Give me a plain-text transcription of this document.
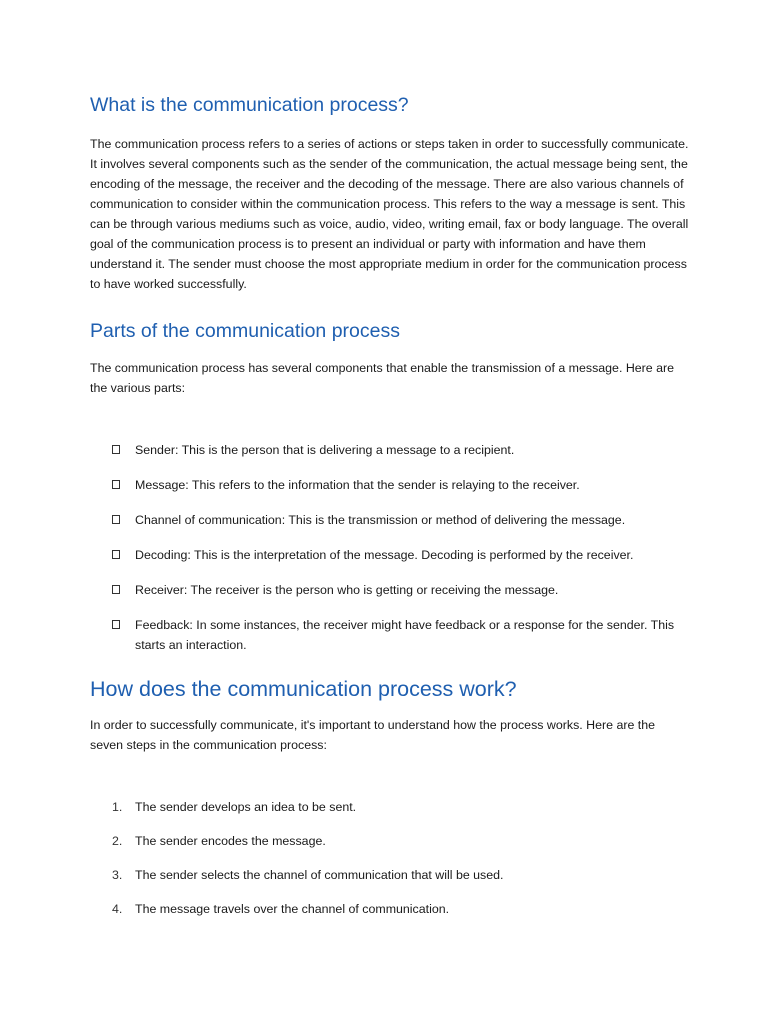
What is the communication process?

The communication process refers to a series of actions or steps taken in order to successfully communicate. It involves several components such as the sender of the communication, the actual message being sent, the encoding of the message, the receiver and the decoding of the message. There are also various channels of communication to consider within the communication process. This refers to the way a message is sent. This can be through various mediums such as voice, audio, video, writing email, fax or body language. The overall goal of the communication process is to present an individual or party with information and have them understand it. The sender must choose the most appropriate medium in order for the communication process to have worked successfully.

Parts of the communication process

The communication process has several components that enable the transmission of a message. Here are the various parts:

Sender: This is the person that is delivering a message to a recipient.
Message: This refers to the information that the sender is relaying to the receiver.
Channel of communication: This is the transmission or method of delivering the message.
Decoding: This is the interpretation of the message. Decoding is performed by the receiver.
Receiver: The receiver is the person who is getting or receiving the message.
Feedback: In some instances, the receiver might have feedback or a response for the sender. This starts an interaction.
How does the communication process work?

In order to successfully communicate, it's important to understand how the process works. Here are the seven steps in the communication process:

1.	The sender develops an idea to be sent.
2.	The sender encodes the message.
3.	The sender selects the channel of communication that will be used.
4.	The message travels over the channel of communication.
